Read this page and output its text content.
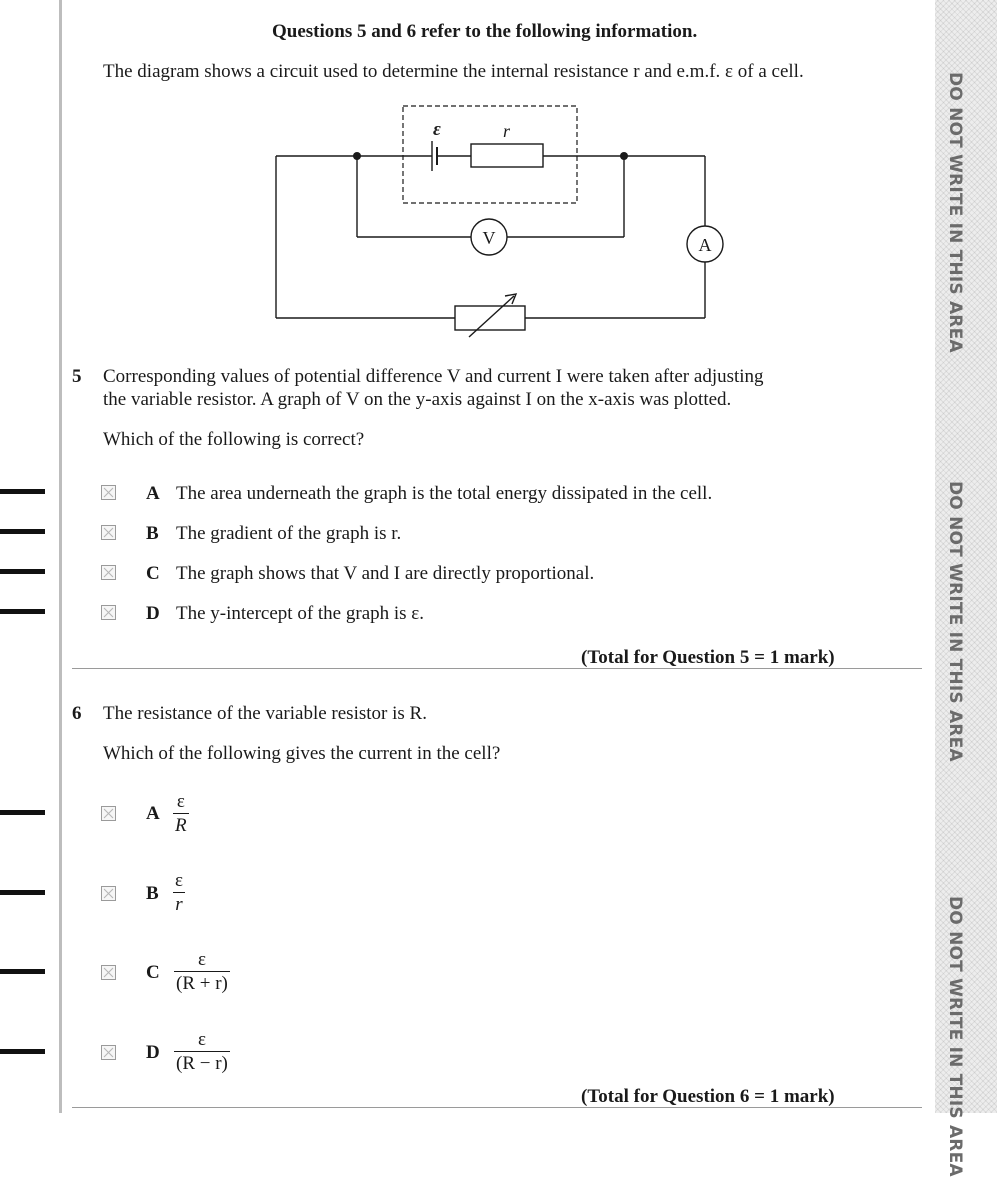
DO NOT WRITE IN THIS AREA
DO NOT WRITE IN THIS AREA
DO NOT WRITE IN THIS AREA
Questions 5 and 6 refer to the following information.
The diagram shows a circuit used to determine the internal resistance r and e.m.f. ε of a cell.
ε	r
V	A
5 Corresponding values of potential difference V and current I were taken after adjusting
the variable resistor. A graph of V on the y-axis against I on the x-axis was plotted.
Which of the following is correct?
A The area underneath the graph is the total energy dissipated in the cell.
B The gradient of the graph is r.
C The graph shows that V and I are directly proportional.
D The y-intercept of the graph is ε.
(Total for Question 5 = 1 mark)
6 The resistance of the variable resistor is R.
Which of the following gives the current in the cell?
A
ε
R
B
ε
r
C
ε
(R + r)
D
ε
(R − r)
(Total for Question 6 = 1 mark)
